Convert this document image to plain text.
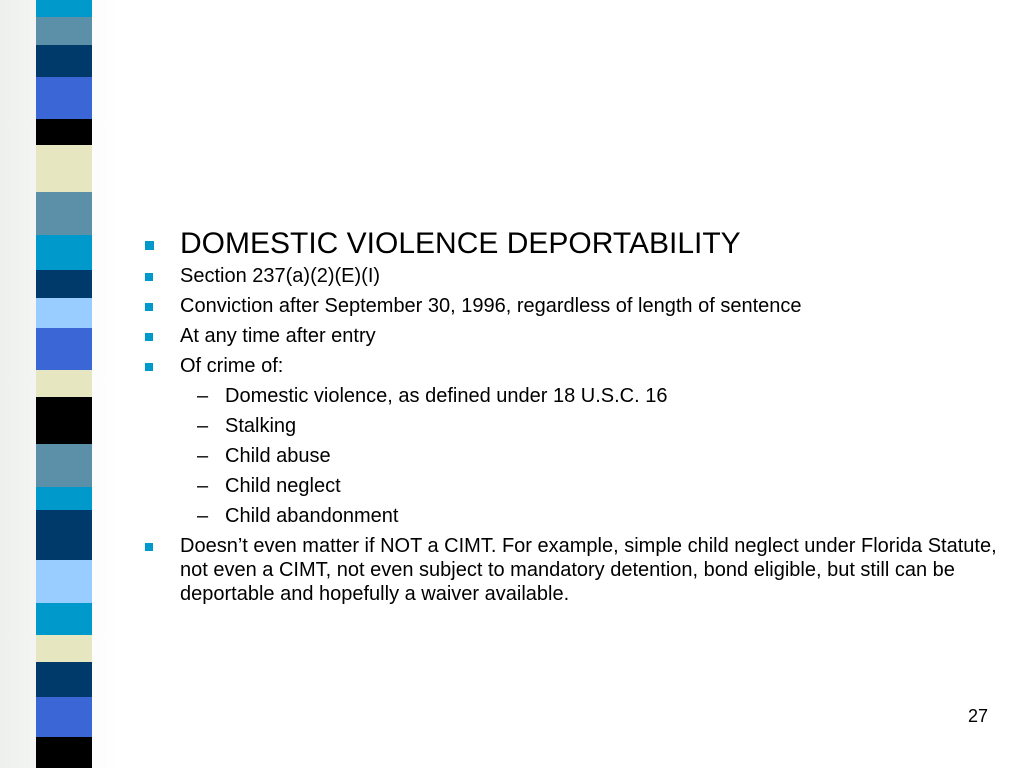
DOMESTIC VIOLENCE DEPORTABILITY
Section 237(a)(2)(E)(I)
Conviction after September 30, 1996, regardless of length of sentence
At any time after entry
Of crime of:
– Domestic violence, as defined under 18 U.S.C. 16
– Stalking
– Child abuse
– Child neglect
– Child abandonment
Doesn’t even matter if NOT a CIMT. For example, simple child neglect under Florida Statute, not even a CIMT, not even subject to mandatory detention, bond eligible, but still can be deportable and hopefully a waiver available.
27
